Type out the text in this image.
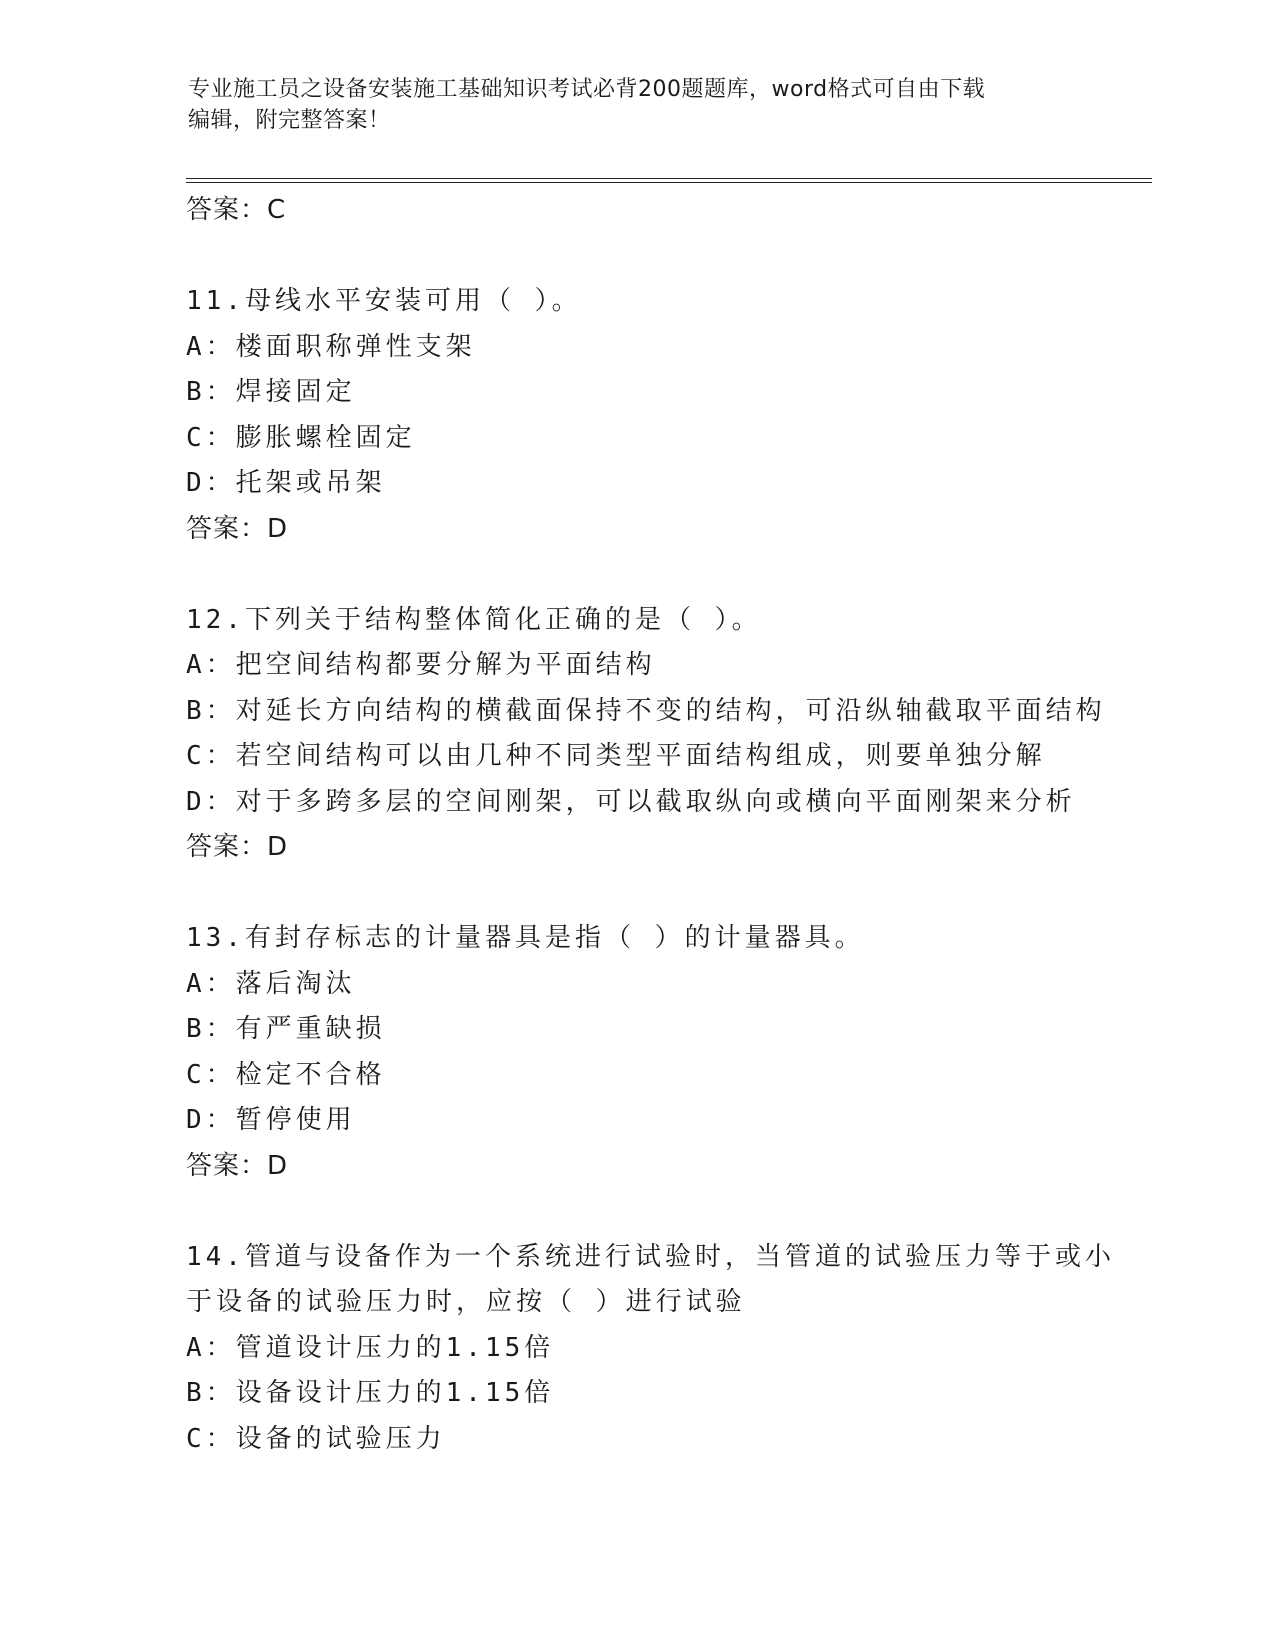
专业施工员之设备安装施工基础知识考试必背200题题库，word格式可自由下载
编辑，附完整答案！
答案：C
11.母线水平安装可用（ ）。
A：楼面职称弹性支架
B：焊接固定
C：膨胀螺栓固定
D：托架或吊架
答案：D
12.下列关于结构整体简化正确的是（ ）。
A：把空间结构都要分解为平面结构
B：对延长方向结构的横截面保持不变的结构，可沿纵轴截取平面结构
C：若空间结构可以由几种不同类型平面结构组成，则要单独分解
D：对于多跨多层的空间刚架，可以截取纵向或横向平面刚架来分析
答案：D
13.有封存标志的计量器具是指（ ）的计量器具。
A：落后淘汰
B：有严重缺损
C：检定不合格
D：暂停使用
答案：D
14.管道与设备作为一个系统进行试验时，当管道的试验压力等于或小
于设备的试验压力时，应按（ ）进行试验
A：管道设计压力的1.15倍
B：设备设计压力的1.15倍
C：设备的试验压力
